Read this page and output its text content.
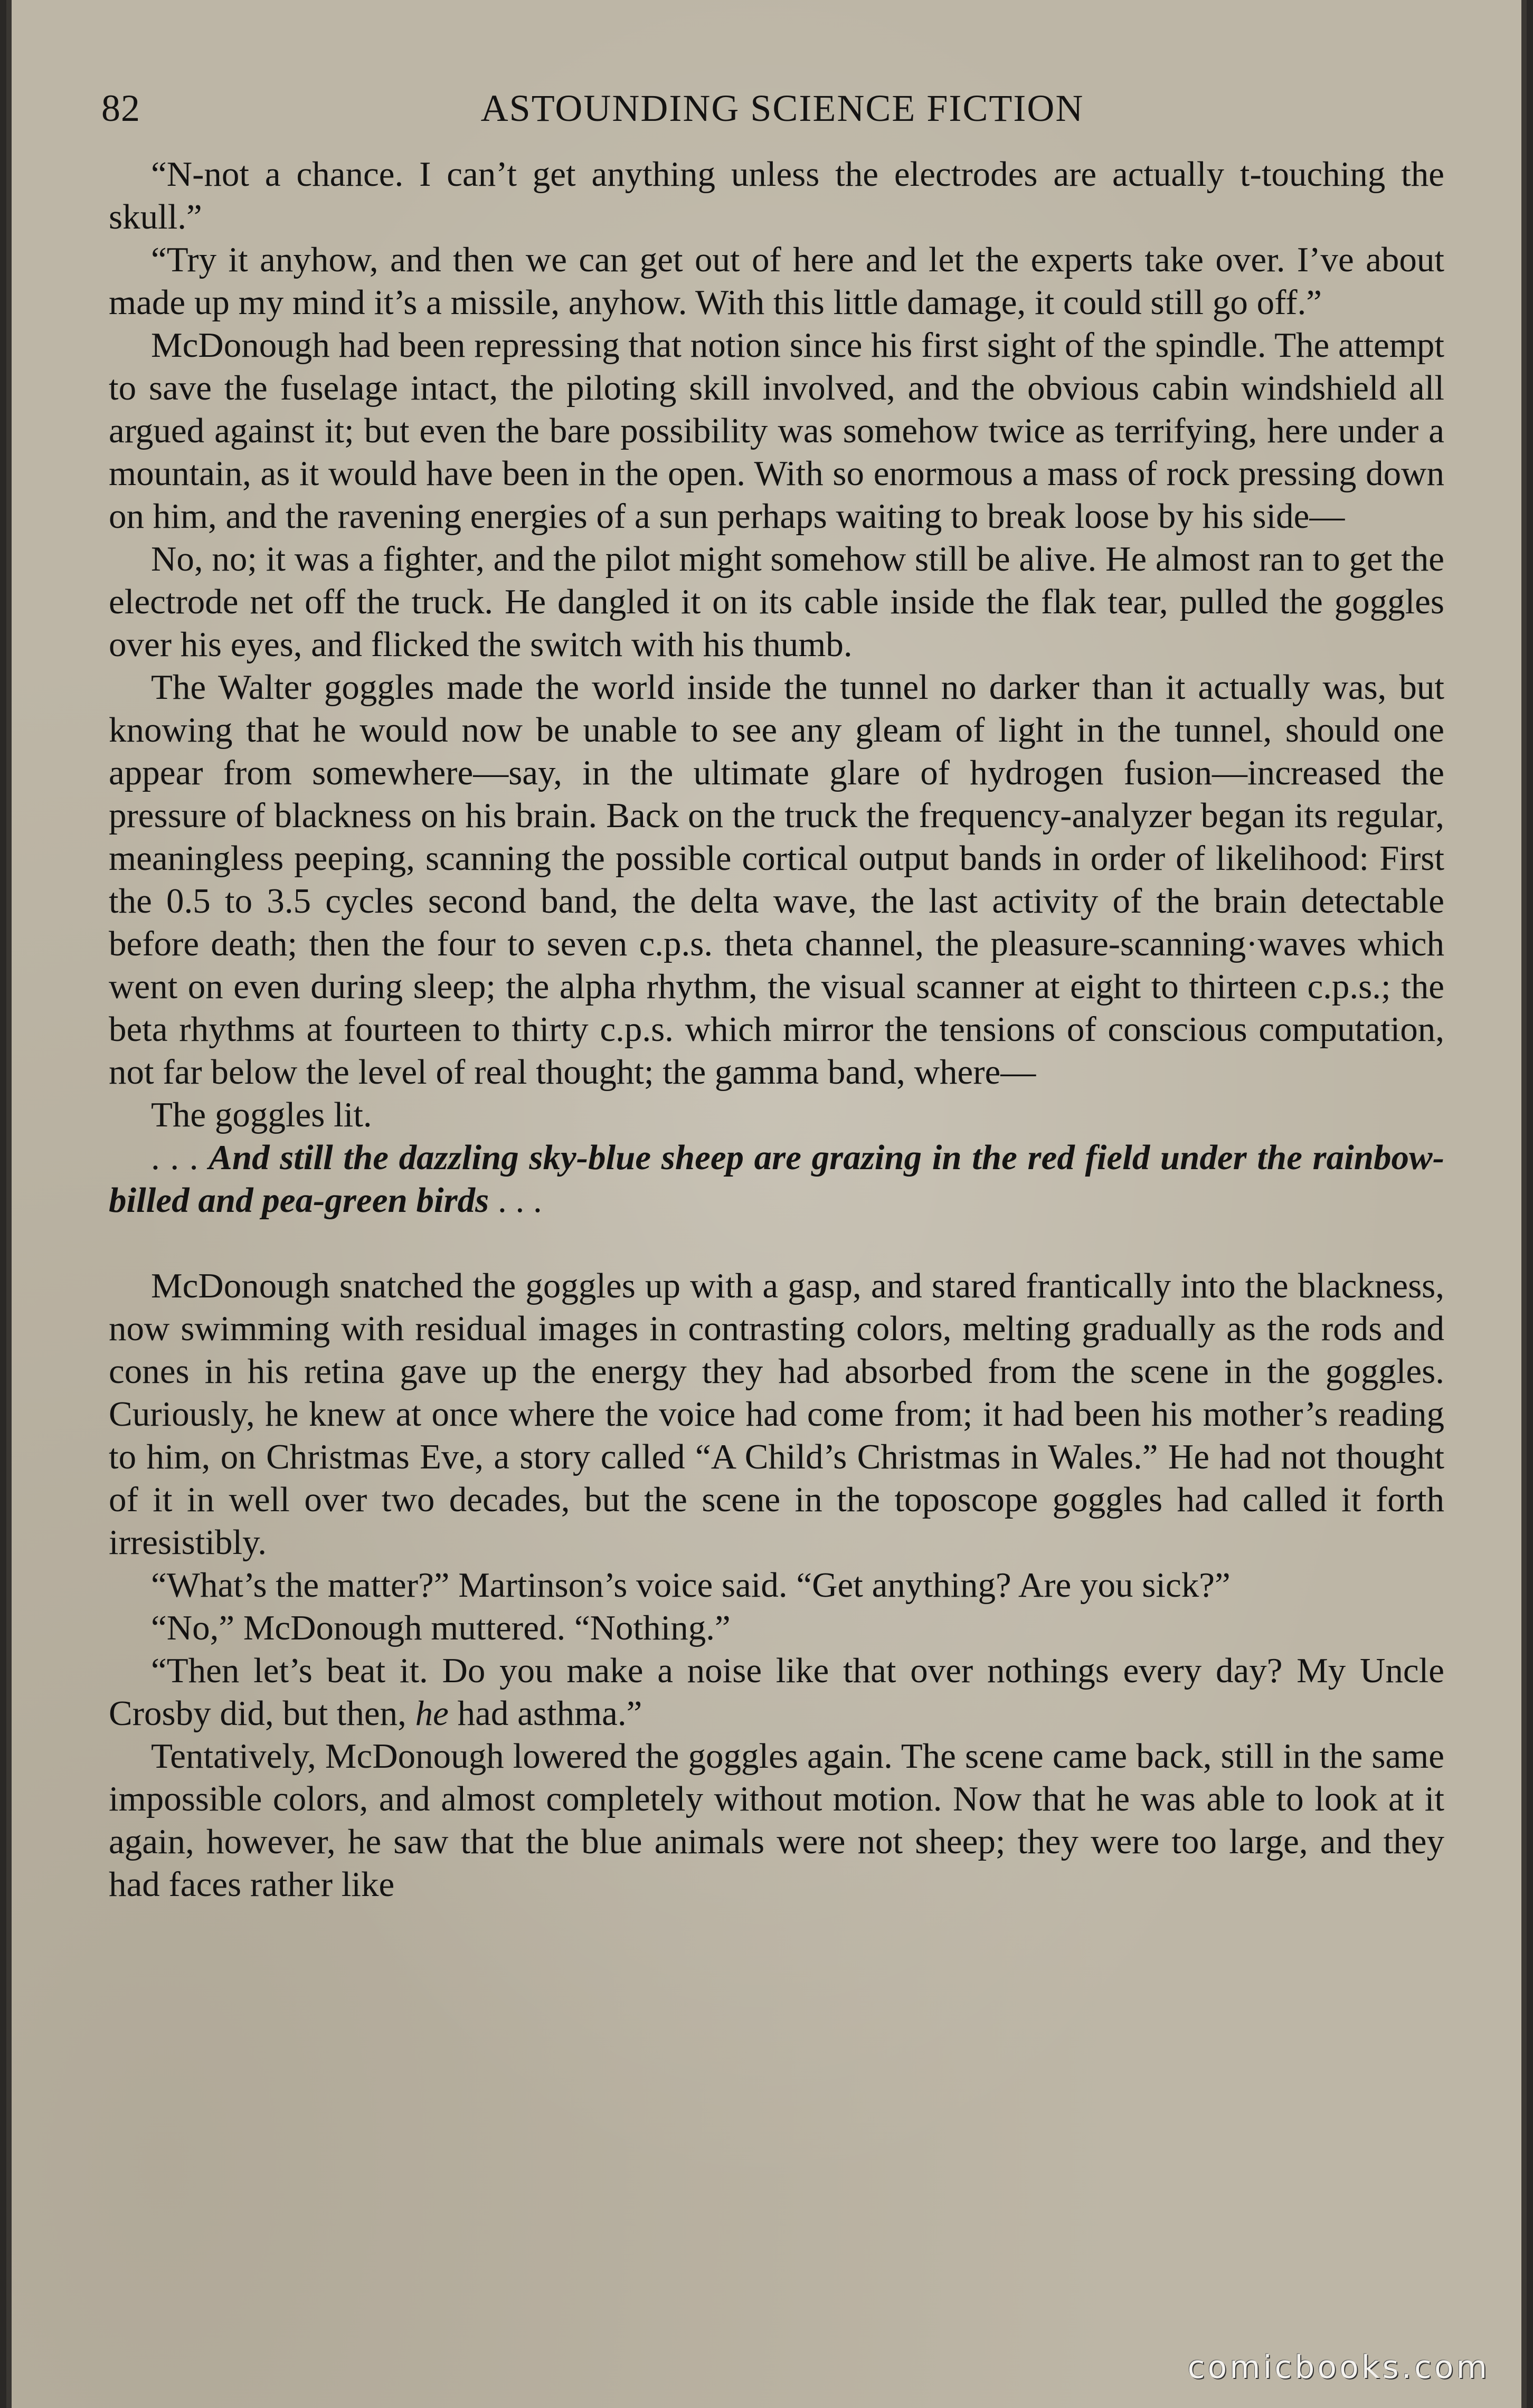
82	ASTOUNDING SCIENCE FICTION

“N-not a chance. I can’t get anything unless the electrodes are actually t-touching the skull.”

“Try it anyhow, and then we can get out of here and let the experts take over. I’ve about made up my mind it’s a missile, anyhow. With this little damage, it could still go off.”

McDonough had been repressing that notion since his first sight of the spindle. The attempt to save the fuselage intact, the piloting skill involved, and the obvious cabin windshield all argued against it; but even the bare possibility was somehow twice as terrifying, here under a mountain, as it would have been in the open. With so enormous a mass of rock pressing down on him, and the ravening energies of a sun perhaps waiting to break loose by his side—

No, no; it was a fighter, and the pilot might somehow still be alive. He almost ran to get the electrode net off the truck. He dangled it on its cable inside the flak tear, pulled the goggles over his eyes, and flicked the switch with his thumb.

The Walter goggles made the world inside the tunnel no darker than it actually was, but knowing that he would now be unable to see any gleam of light in the tunnel, should one appear from somewhere—say, in the ultimate glare of hydrogen fusion—increased the pressure of blackness on his brain. Back on the truck the frequency-analyzer began its regular, meaningless peeping, scanning the possible cortical output bands in order of likelihood: First the 0.5 to 3.5 cycles second band, the delta wave, the last activity of the brain detectable before death; then the four to seven c.p.s. theta channel, the pleasure-scanning·waves which went on even during sleep; the alpha rhythm, the visual scanner at eight to thirteen c.p.s.; the beta rhythms at fourteen to thirty c.p.s. which mirror the tensions of conscious computation, not far below the level of real thought; the gamma band, where—

The goggles lit.

. . . And still the dazzling sky-blue sheep are grazing in the red field under the rainbow-billed and pea-green birds . . .

McDonough snatched the goggles up with a gasp, and stared frantically into the blackness, now swimming with residual images in contrasting colors, melting gradually as the rods and cones in his retina gave up the energy they had absorbed from the scene in the goggles. Curiously, he knew at once where the voice had come from; it had been his mother’s reading to him, on Christmas Eve, a story called “A Child’s Christmas in Wales.” He had not thought of it in well over two decades, but the scene in the toposcope goggles had called it forth irresistibly.

“What’s the matter?” Martinson’s voice said. “Get anything? Are you sick?”

“No,” McDonough muttered. “Nothing.”

“Then let’s beat it. Do you make a noise like that over nothings every day? My Uncle Crosby did, but then, he had asthma.”

Tentatively, McDonough lowered the goggles again. The scene came back, still in the same impossible colors, and almost completely without motion. Now that he was able to look at it again, however, he saw that the blue animals were not sheep; they were too large, and they had faces rather like

comicbooks.com
